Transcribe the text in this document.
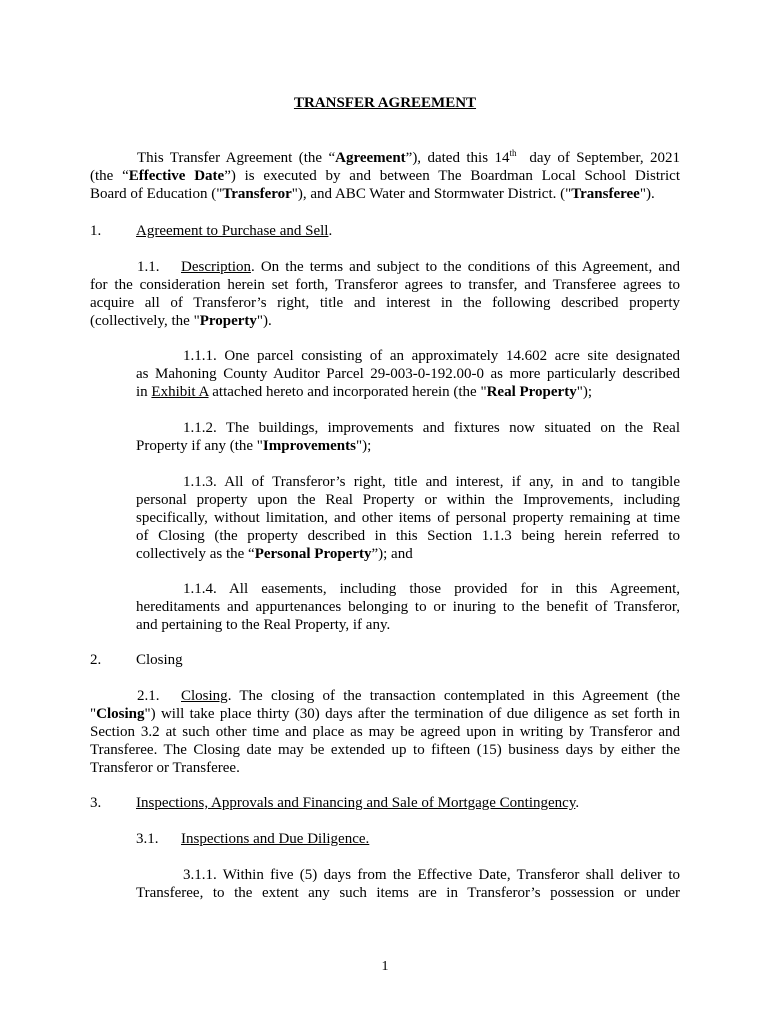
TRANSFER AGREEMENT
This Transfer Agreement (the “Agreement”), dated this 14th  day of September, 2021
(the “Effective Date”) is executed by and between The Boardman Local School District
Board of Education ("Transferor"), and ABC Water and Stormwater District. ("Transferee").
1. Agreement to Purchase and Sell.
1.1. Description. On the terms and subject to the conditions of this Agreement, and
for the consideration herein set forth, Transferor agrees to transfer, and Transferee agrees to
acquire all of Transferor’s right, title and interest in the following described property
(collectively, the "Property").
1.1.1. One parcel consisting of an approximately 14.602 acre site designated
as Mahoning County Auditor Parcel 29-003-0-192.00-0 as more particularly described
in Exhibit A attached hereto and incorporated herein (the "Real Property");
1.1.2. The buildings, improvements and fixtures now situated on the Real
Property if any (the "Improvements");
1.1.3. All of Transferor’s right, title and interest, if any, in and to tangible
personal property upon the Real Property or within the Improvements, including
specifically, without limitation, and other items of personal property remaining at time
of Closing (the property described in this Section 1.1.3 being herein referred to
collectively as the “Personal Property”); and
1.1.4. All easements, including those provided for in this Agreement,
hereditaments and appurtenances belonging to or inuring to the benefit of Transferor,
and pertaining to the Real Property, if any.
2. Closing
2.1. Closing. The closing of the transaction contemplated in this Agreement (the
"Closing") will take place thirty (30) days after the termination of due diligence as set forth in
Section 3.2 at such other time and place as may be agreed upon in writing by Transferor and
Transferee. The Closing date may be extended up to fifteen (15) business days by either the
Transferor or Transferee.
3. Inspections, Approvals and Financing and Sale of Mortgage Contingency.
3.1. Inspections and Due Diligence.
3.1.1. Within five (5) days from the Effective Date, Transferor shall deliver to
Transferee, to the extent any such items are in Transferor’s possession or under
1
